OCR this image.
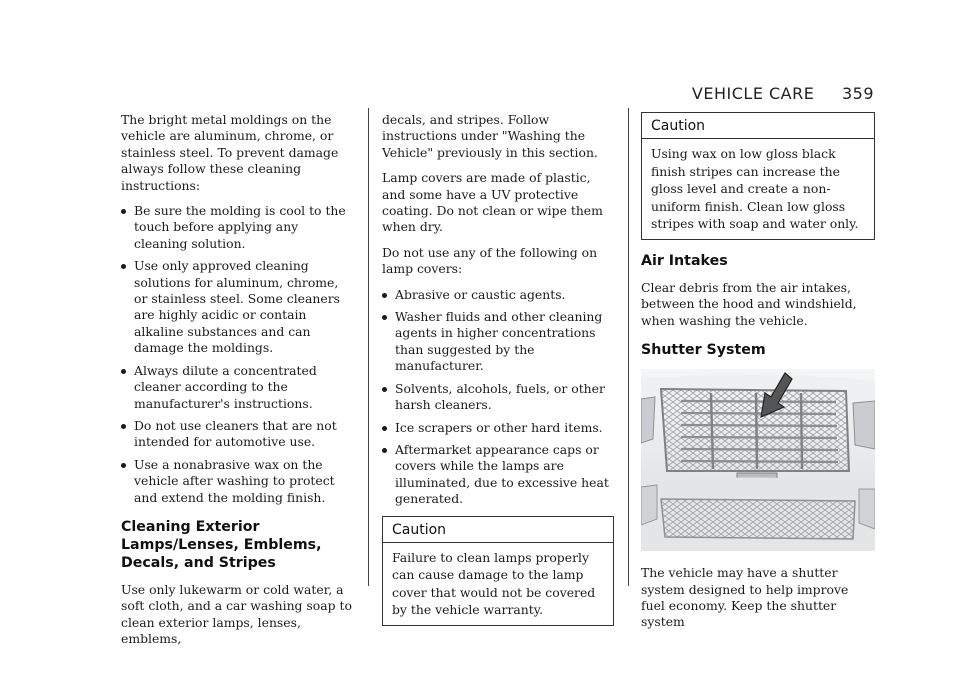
VEHICLE CARE 359

The bright metal moldings on the vehicle are aluminum, chrome, or stainless steel. To prevent damage always follow these cleaning instructions:

Be sure the molding is cool to the touch before applying any cleaning solution.
Use only approved cleaning solutions for aluminum, chrome, or stainless steel. Some cleaners are highly acidic or contain alkaline substances and can damage the moldings.
Always dilute a concentrated cleaner according to the manufacturer's instructions.
Do not use cleaners that are not intended for automotive use.
Use a nonabrasive wax on the vehicle after washing to protect and extend the molding finish.
Cleaning Exterior Lamps/Lenses, Emblems, Decals, and Stripes

Use only lukewarm or cold water, a soft cloth, and a car washing soap to clean exterior lamps, lenses, emblems,

decals, and stripes. Follow instructions under "Washing the Vehicle" previously in this section.

Lamp covers are made of plastic, and some have a UV protective coating. Do not clean or wipe them when dry.

Do not use any of the following on lamp covers:

Abrasive or caustic agents.
Washer fluids and other cleaning agents in higher concentrations than suggested by the manufacturer.
Solvents, alcohols, fuels, or other harsh cleaners.
Ice scrapers or other hard items.
Aftermarket appearance caps or covers while the lamps are illuminated, due to excessive heat generated.
Caution
Failure to clean lamps properly can cause damage to the lamp cover that would not be covered by the vehicle warranty.
Caution
Using wax on low gloss black finish stripes can increase the gloss level and create a non-uniform finish. Clean low gloss stripes with soap and water only.
Air Intakes

Clear debris from the air intakes, between the hood and windshield, when washing the vehicle.

Shutter System

The vehicle may have a shutter system designed to help improve fuel economy. Keep the shutter system
